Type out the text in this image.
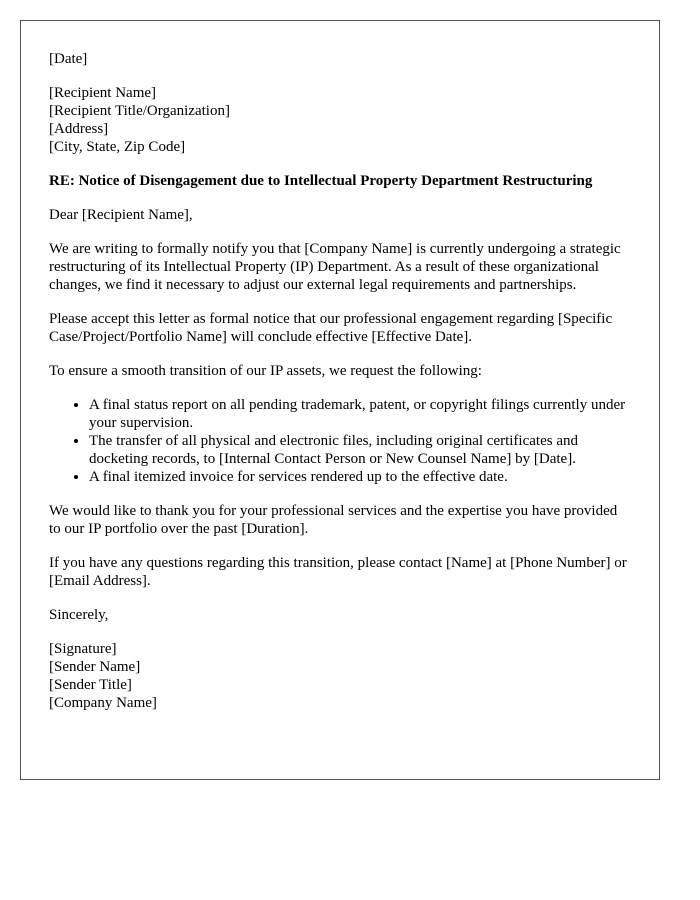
[Date]

[Recipient Name]
[Recipient Title/Organization]
[Address]
[City, State, Zip Code]

RE: Notice of Disengagement due to Intellectual Property Department Restructuring

Dear [Recipient Name],

We are writing to formally notify you that [Company Name] is currently undergoing a strategic restructuring of its Intellectual Property (IP) Department. As a result of these organizational changes, we find it necessary to adjust our external legal requirements and partnerships.

Please accept this letter as formal notice that our professional engagement regarding [Specific Case/Project/Portfolio Name] will conclude effective [Effective Date].

To ensure a smooth transition of our IP assets, we request the following:

• A final status report on all pending trademark, patent, or copyright filings currently under your supervision.
• The transfer of all physical and electronic files, including original certificates and docketing records, to [Internal Contact Person or New Counsel Name] by [Date].
• A final itemized invoice for services rendered up to the effective date.

We would like to thank you for your professional services and the expertise you have provided to our IP portfolio over the past [Duration].

If you have any questions regarding this transition, please contact [Name] at [Phone Number] or [Email Address].

Sincerely,

[Signature]
[Sender Name]
[Sender Title]
[Company Name]
